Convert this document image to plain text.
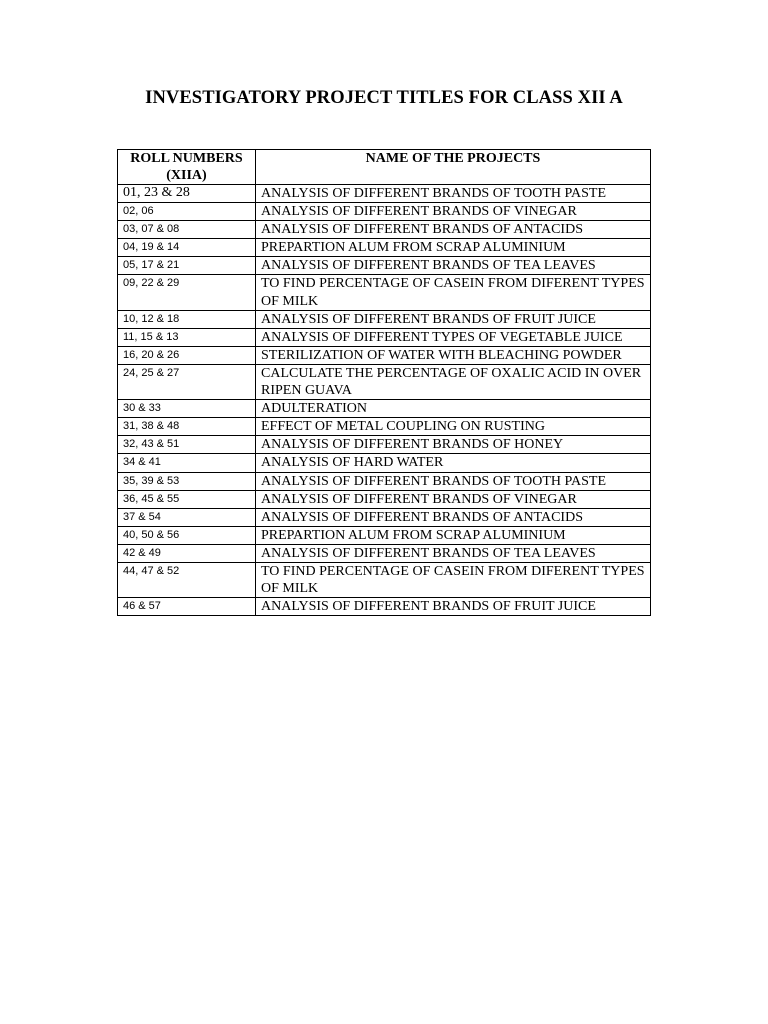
INVESTIGATORY PROJECT TITLES FOR CLASS XII A
ROLL NUMBERS
(XIIA)	NAME OF THE PROJECTS
01, 23 & 28	ANALYSIS OF DIFFERENT BRANDS OF TOOTH PASTE
02, 06	ANALYSIS OF DIFFERENT BRANDS OF VINEGAR
03, 07 & 08	ANALYSIS OF DIFFERENT BRANDS OF ANTACIDS
04, 19 & 14	PREPARTION ALUM FROM SCRAP ALUMINIUM
05, 17 & 21	ANALYSIS OF DIFFERENT BRANDS OF TEA LEAVES
09, 22 & 29	TO FIND PERCENTAGE OF CASEIN FROM DIFERENT TYPES OF MILK
10, 12 & 18	ANALYSIS OF DIFFERENT BRANDS OF FRUIT JUICE
11, 15 & 13	ANALYSIS OF DIFFERENT TYPES OF VEGETABLE JUICE
16, 20 & 26	STERILIZATION OF WATER WITH BLEACHING POWDER
24, 25 & 27	CALCULATE THE PERCENTAGE OF OXALIC ACID IN OVER RIPEN GUAVA
30 & 33	ADULTERATION
31, 38 & 48	EFFECT OF METAL COUPLING ON RUSTING
32, 43 & 51	ANALYSIS OF DIFFERENT BRANDS OF HONEY
34 & 41	ANALYSIS OF HARD WATER
35, 39 & 53	ANALYSIS OF DIFFERENT BRANDS OF TOOTH PASTE
36, 45 & 55	ANALYSIS OF DIFFERENT BRANDS OF VINEGAR
37 & 54	ANALYSIS OF DIFFERENT BRANDS OF ANTACIDS
40, 50 & 56	PREPARTION ALUM FROM SCRAP ALUMINIUM
42 & 49	ANALYSIS OF DIFFERENT BRANDS OF TEA LEAVES
44, 47 & 52	TO FIND PERCENTAGE OF CASEIN FROM DIFERENT TYPES OF MILK
46 & 57	ANALYSIS OF DIFFERENT BRANDS OF FRUIT JUICE
